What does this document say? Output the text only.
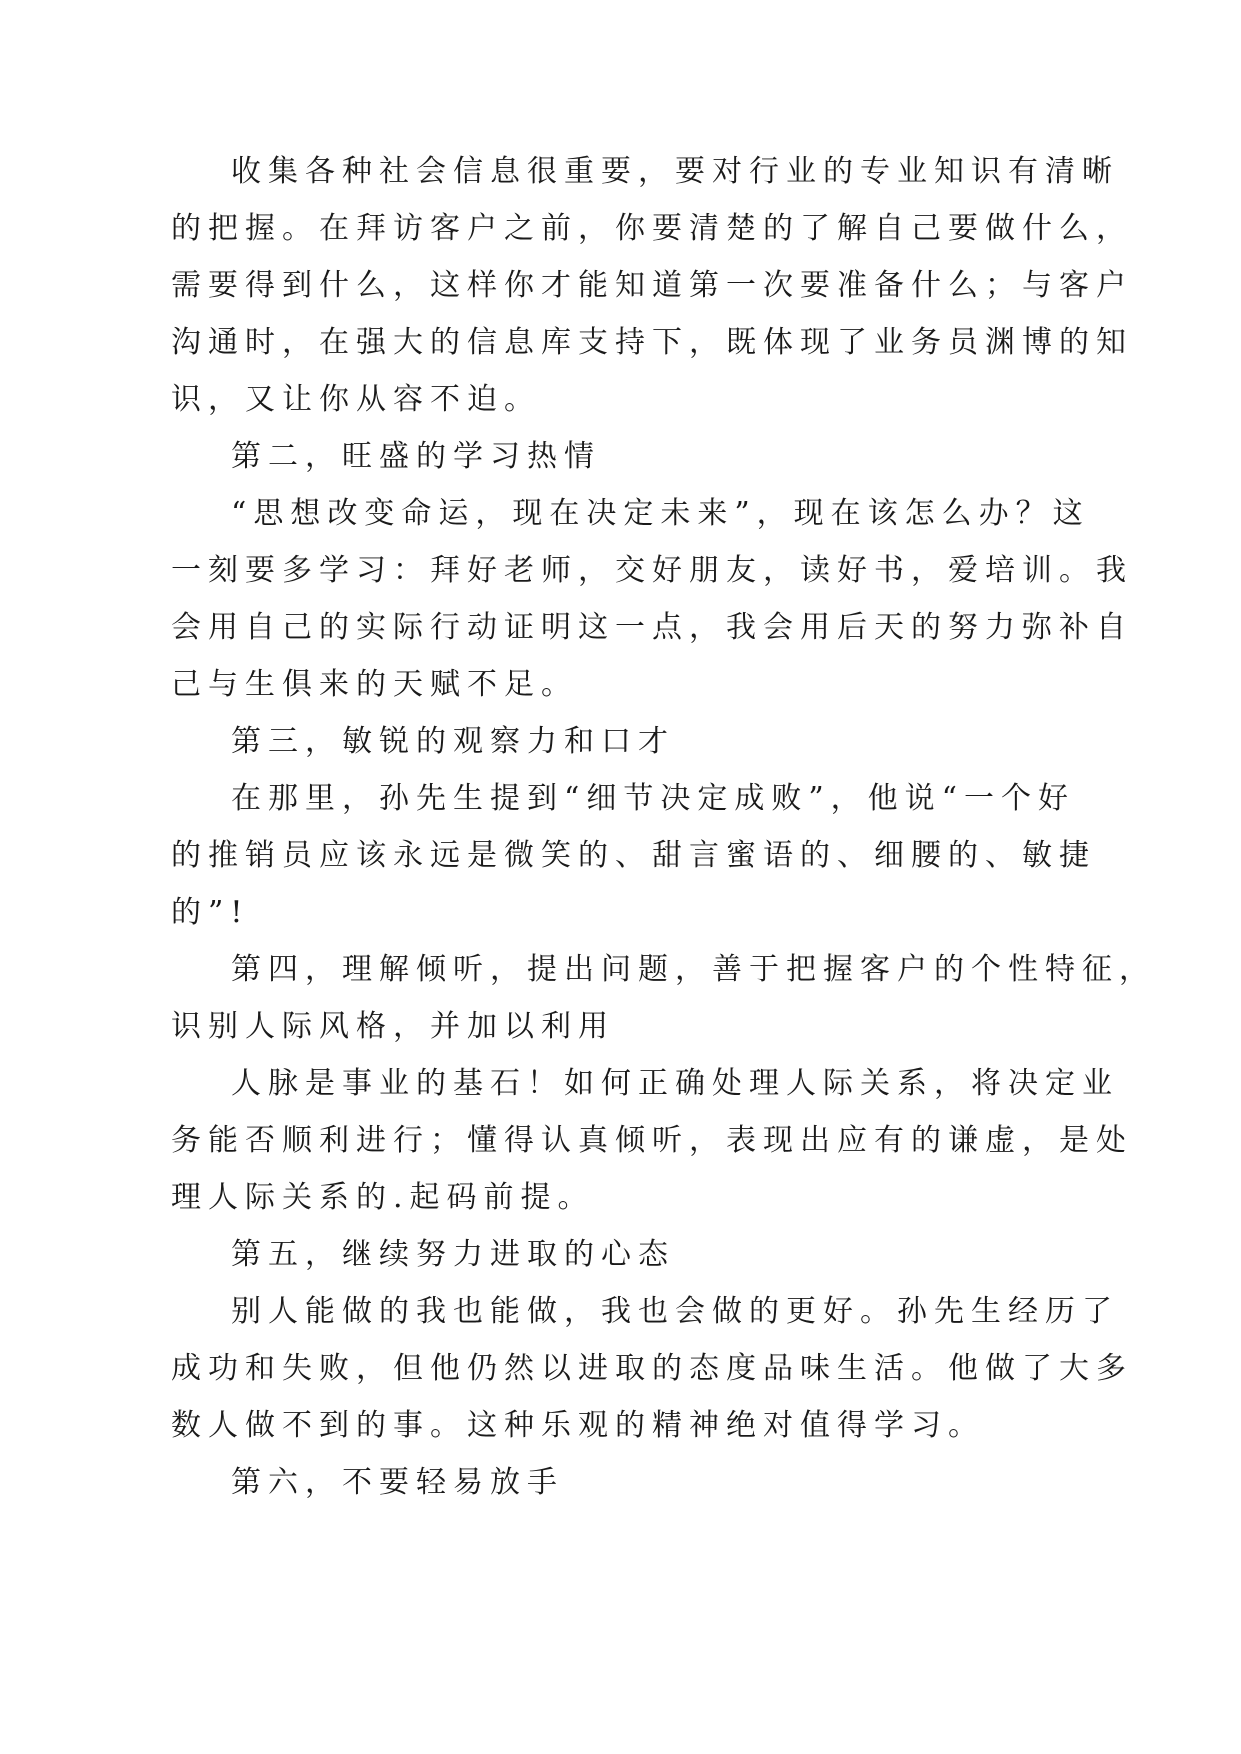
收集各种社会信息很重要，要对行业的专业知识有清晰
的把握。在拜访客户之前，你要清楚的了解自己要做什么，
需要得到什么，这样你才能知道第一次要准备什么；与客户
沟通时，在强大的信息库支持下，既体现了业务员渊博的知
识，又让你从容不迫。
第二，旺盛的学习热情
“思想改变命运，现在决定未来”，现在该怎么办？这
一刻要多学习：拜好老师，交好朋友，读好书，爱培训。我
会用自己的实际行动证明这一点，我会用后天的努力弥补自
己与生俱来的天赋不足。
第三，敏锐的观察力和口才
在那里，孙先生提到“细节决定成败”，他说“一个好
的推销员应该永远是微笑的、甜言蜜语的、细腰的、敏捷
的”!
第四，理解倾听，提出问题，善于把握客户的个性特征，
识别人际风格，并加以利用
人脉是事业的基石！如何正确处理人际关系，将决定业
务能否顺利进行；懂得认真倾听，表现出应有的谦虚，是处
理人际关系的.起码前提。
第五，继续努力进取的心态
别人能做的我也能做，我也会做的更好。孙先生经历了
成功和失败，但他仍然以进取的态度品味生活。他做了大多
数人做不到的事。这种乐观的精神绝对值得学习。
第六，不要轻易放手
